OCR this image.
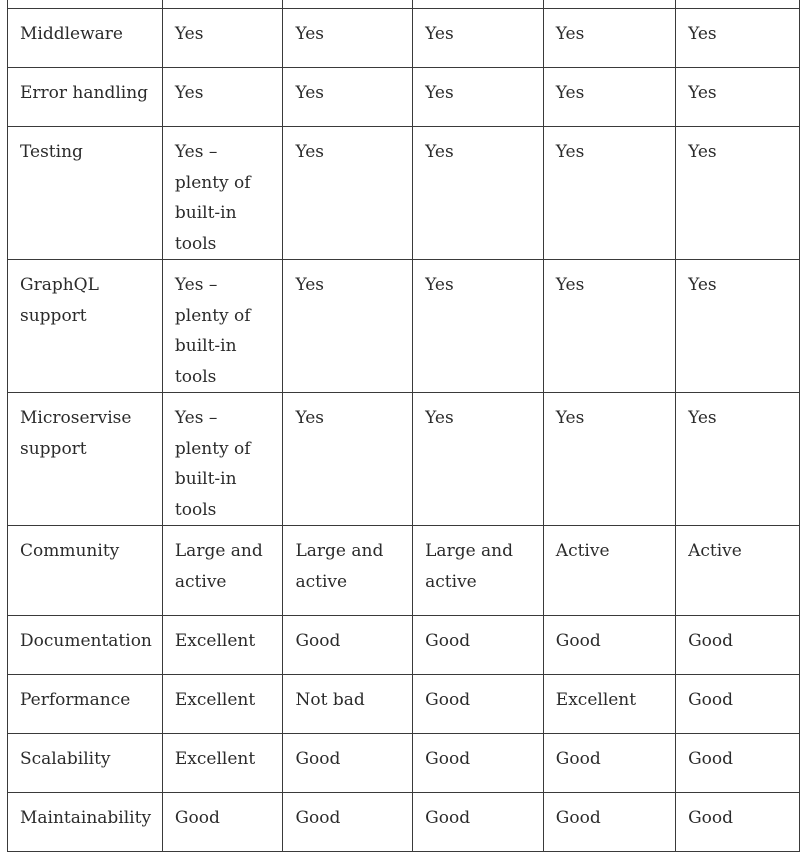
Middleware	Yes	Yes	Yes	Yes	Yes
Error handling	Yes	Yes	Yes	Yes	Yes
Testing	Yes – plenty of built-in tools	Yes	Yes	Yes	Yes
GraphQL support	Yes – plenty of built-in tools	Yes	Yes	Yes	Yes
Microservise support	Yes – plenty of built-in tools	Yes	Yes	Yes	Yes
Community	Large and active	Large and active	Large and active	Active	Active
Documentation	Excellent	Good	Good	Good	Good
Performance	Excellent	Not bad	Good	Excellent	Good
Scalability	Excellent	Good	Good	Good	Good
Maintainability	Good	Good	Good	Good	Good
